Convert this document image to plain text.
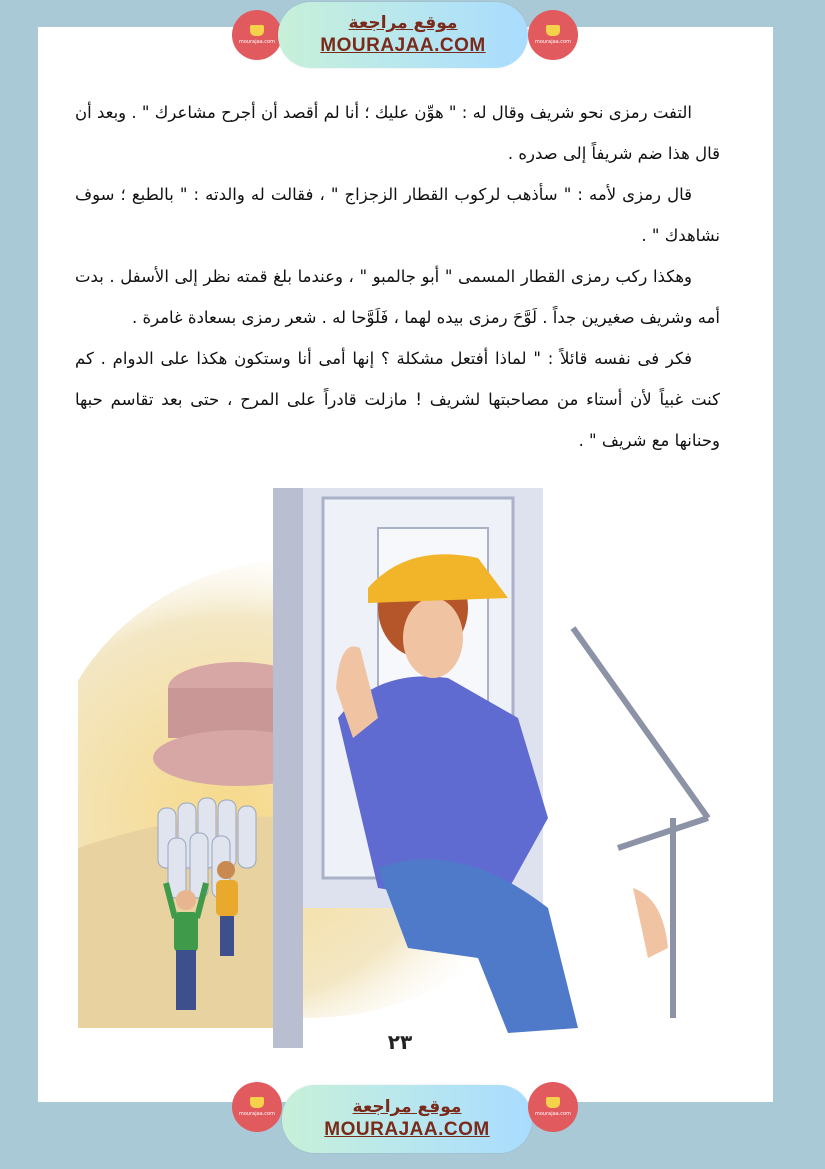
mourajaa.com
موقع مراجعة
MOURAJAA.COM	mourajaa.com

التفت رمزى نحو شريف وقال له : " هوِّن عليك ؛ أنا لم أقصد أن أجرح مشاعرك " . وبعد أن قال هذا ضم شريفاً إلى صدره .

قال رمزى لأمه : " سأذهب لركوب القطار الزجزاج " ، فقالت له والدته : " بالطبع ؛ سوف نشاهدك " .

وهكذا ركب رمزى القطار المسمى " أبو جالمبو " ، وعندما بلغ قمته نظر إلى الأسفل . بدت أمه وشريف صغيرين جداً . لَوَّحَ رمزى بيده لهما ، فَلَوَّحا له . شعر رمزى بسعادة غامرة .

فكر فى نفسه قائلاً : " لماذا أفتعل مشكلة ؟ إنها أمى أنا وستكون هكذا على الدوام . كم كنت غبياً لأن أستاء من مصاحبتها لشريف ! مازلت قادراً على المرح ، حتى بعد تقاسم حبها وحنانها مع شريف " .

٢٣
mourajaa.com	موقع مراجعة
MOURAJAA.COM
mourajaa.com
